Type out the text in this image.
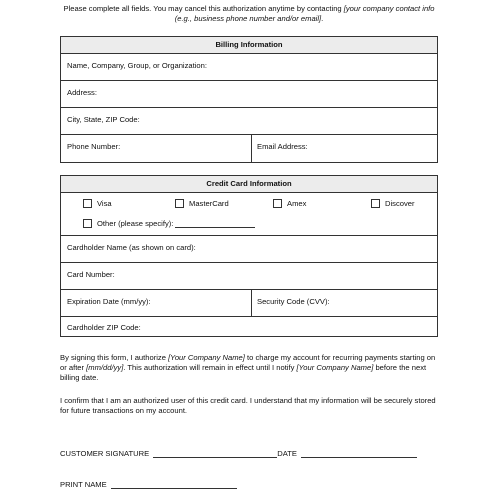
Please complete all fields. You may cancel this authorization anytime by contacting [your company contact info (e.g., business phone number and/or email].
Billing Information
Name, Company, Group, or Organization:
Address:
City, State, ZIP Code:
Phone Number:	Email Address:
Credit Card Information
Visa	MasterCard	Amex	Discover
Other (please specify):
Cardholder Name (as shown on card):
Card Number:
Expiration Date (mm/yy):	Security Code (CVV):
Cardholder ZIP Code:
By signing this form, I authorize [Your Company Name] to charge my account for recurring payments starting on or after [mm/dd/yy]. This authorization will remain in effect until I notify [Your Company Name] before the next billing date.
I confirm that I am an authorized user of this credit card. I understand that my information will be securely stored for future transactions on my account.
CUSTOMER SIGNATURE	DATE
PRINT NAME
